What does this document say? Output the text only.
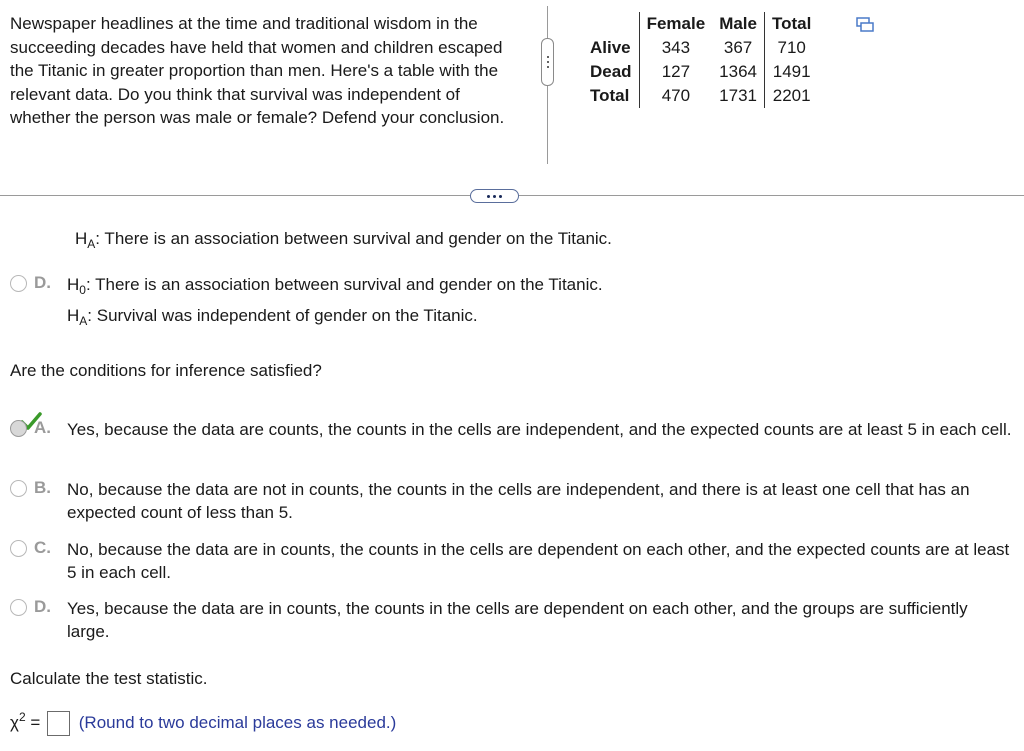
Newspaper headlines at the time and traditional wisdom in the succeeding decades have held that women and children escaped the Titanic in greater proportion than men. Here's a table with the relevant data. Do you think that survival was independent of whether the person was male or female? Defend your conclusion.
	Female	Male	Total
Alive	343	367	710
Dead	127	1364	1491
Total	470	1731	2201
$H_A$: There is an association between survival and gender on the Titanic.
D. $H_0$: There is an association between survival and gender on the Titanic.
$H_A$: Survival was independent of gender on the Titanic.
Are the conditions for inference satisfied?
A. Yes, because the data are counts, the counts in the cells are independent, and the expected counts are at least 5 in each cell.
B. No, because the data are not in counts, the counts in the cells are independent, and there is at least one cell that has an expected count of less than 5.
C. No, because the data are in counts, the counts in the cells are dependent on each other, and the expected counts are at least 5 in each cell.
D. Yes, because the data are in counts, the counts in the cells are dependent on each other, and the groups are sufficiently large.
Calculate the test statistic.
$\chi^2$ = (Round to two decimal places as needed.)
